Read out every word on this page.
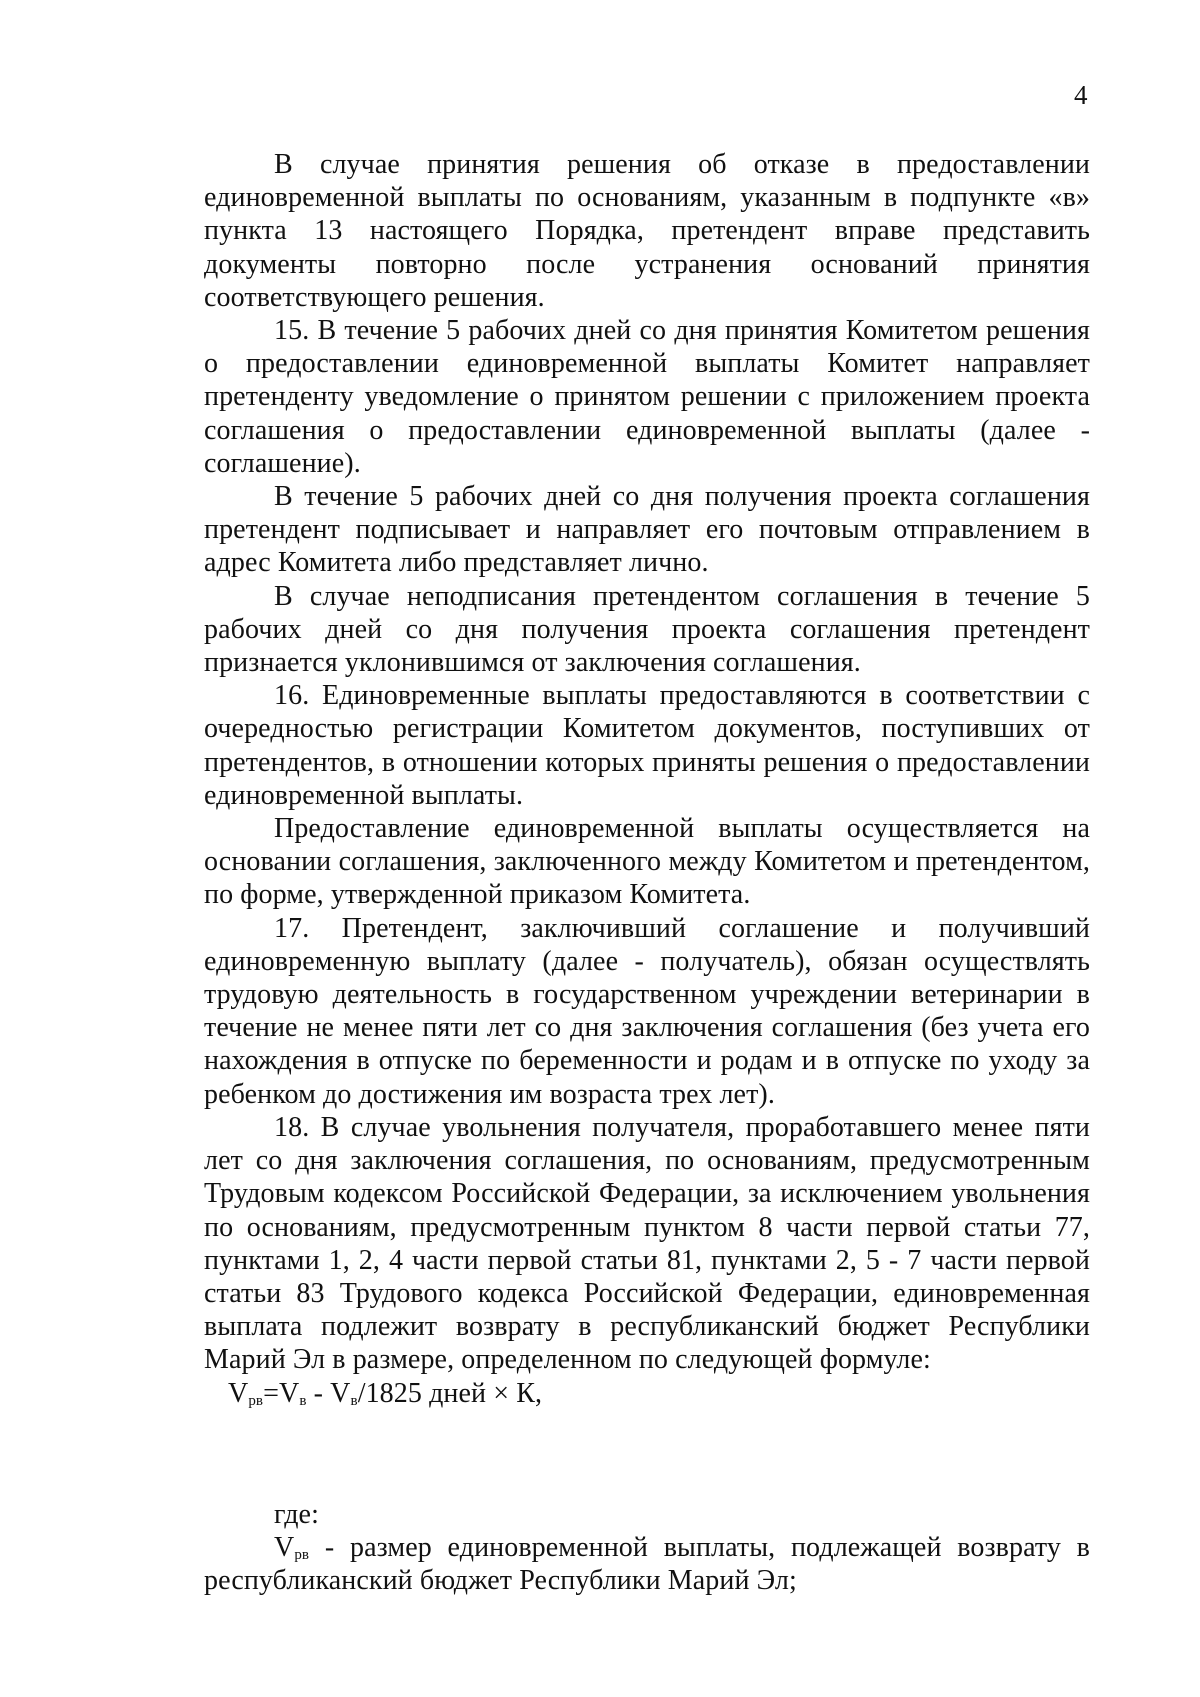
4

В случае принятия решения об отказе в предоставлении единовременной выплаты по основаниям, указанным в подпункте «в» пункта 13 настоящего Порядка, претендент вправе представить документы повторно после устранения оснований принятия соответствующего решения.

15. В течение 5 рабочих дней со дня принятия Комитетом решения о предоставлении единовременной выплаты Комитет направляет претенденту уведомление о принятом решении с приложением проекта соглашения о предоставлении единовременной выплаты (далее - соглашение).

В течение 5 рабочих дней со дня получения проекта соглашения претендент подписывает и направляет его почтовым отправлением в адрес Комитета либо представляет лично.

В случае неподписания претендентом соглашения в течение 5 рабочих дней со дня получения проекта соглашения претендент признается уклонившимся от заключения соглашения.

16. Единовременные выплаты предоставляются в соответствии с очередностью регистрации Комитетом документов, поступивших от претендентов, в отношении которых приняты решения о предоставлении единовременной выплаты.

Предоставление единовременной выплаты осуществляется на основании соглашения, заключенного между Комитетом и претендентом, по форме, утвержденной приказом Комитета.

17. Претендент, заключивший соглашение и получивший единовременную выплату (далее - получатель), обязан осуществлять трудовую деятельность в государственном учреждении ветеринарии в течение не менее пяти лет со дня заключения соглашения (без учета его нахождения в отпуске по беременности и родам и в отпуске по уходу за ребенком до достижения им возраста трех лет).

18. В случае увольнения получателя, проработавшего менее пяти лет со дня заключения соглашения, по основаниям, предусмотренным Трудовым кодексом Российской Федерации, за исключением увольнения по основаниям, предусмотренным пунктом 8 части первой статьи 77, пунктами 1, 2, 4 части первой статьи 81, пунктами 2, 5 - 7 части первой статьи 83 Трудового кодекса Российской Федерации, единовременная выплата подлежит возврату в республиканский бюджет Республики Марий Эл в размере, определенном по следующей формуле:

$V_{рв}=V_в - V_в/1825$ дней × К,

где:

$V_{рв}$ - размер единовременной выплаты, подлежащей возврату в республиканский бюджет Республики Марий Эл;
